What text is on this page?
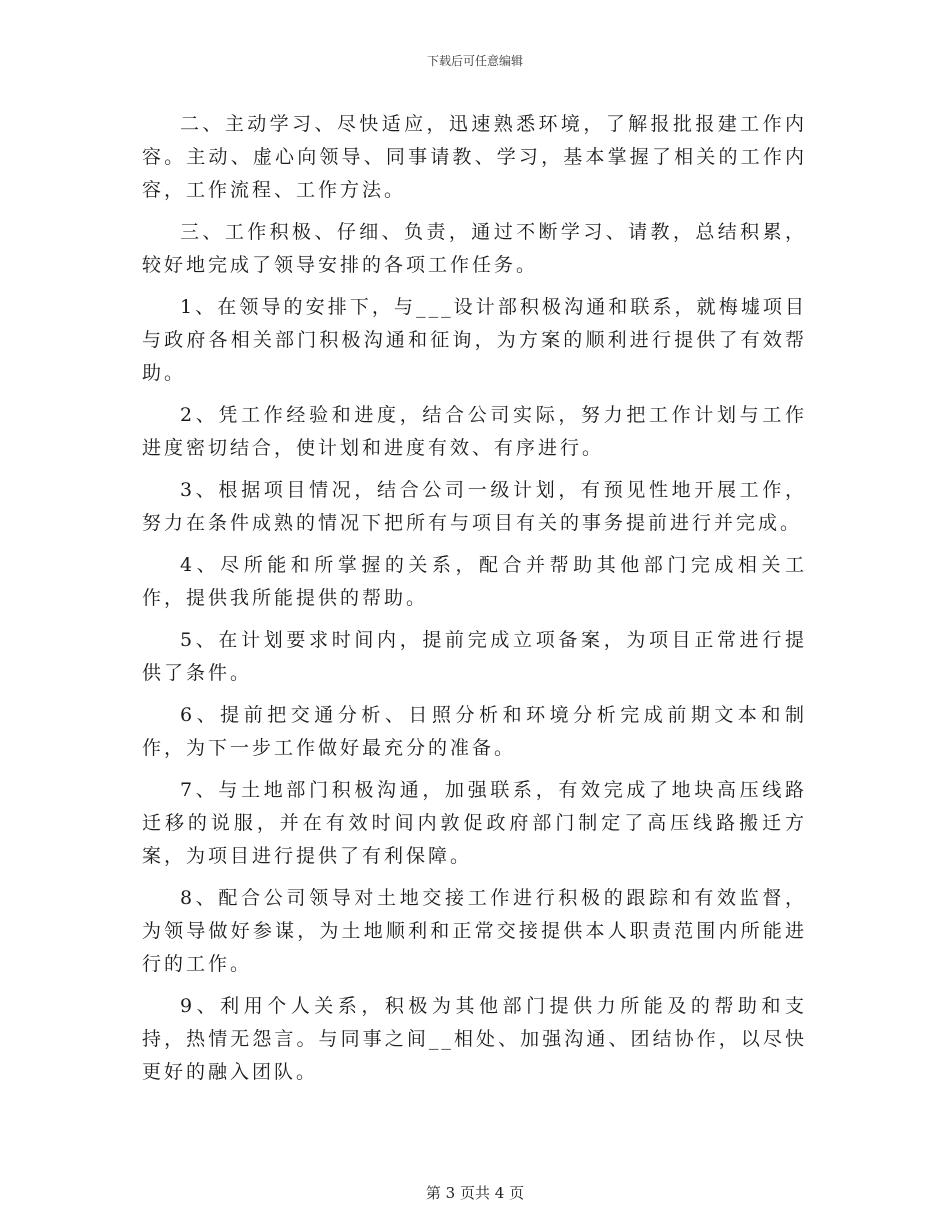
下载后可任意编辑

二、主动学习、尽快适应，迅速熟悉环境，了解报批报建工作内容。主动、虚心向领导、同事请教、学习，基本掌握了相关的工作内容，工作流程、工作方法。

三、工作积极、仔细、负责，通过不断学习、请教，总结积累，较好地完成了领导安排的各项工作任务。

1、在领导的安排下，与___设计部积极沟通和联系，就梅墟项目与政府各相关部门积极沟通和征询，为方案的顺利进行提供了有效帮助。

2、凭工作经验和进度，结合公司实际，努力把工作计划与工作进度密切结合，使计划和进度有效、有序进行。

3、根据项目情况，结合公司一级计划，有预见性地开展工作，努力在条件成熟的情况下把所有与项目有关的事务提前进行并完成。

4、尽所能和所掌握的关系，配合并帮助其他部门完成相关工作，提供我所能提供的帮助。

5、在计划要求时间内，提前完成立项备案，为项目正常进行提供了条件。

6、提前把交通分析、日照分析和环境分析完成前期文本和制作，为下一步工作做好最充分的准备。

7、与土地部门积极沟通，加强联系，有效完成了地块高压线路迁移的说服，并在有效时间内敦促政府部门制定了高压线路搬迁方案，为项目进行提供了有利保障。

8、配合公司领导对土地交接工作进行积极的跟踪和有效监督，为领导做好参谋，为土地顺利和正常交接提供本人职责范围内所能进行的工作。

9、利用个人关系，积极为其他部门提供力所能及的帮助和支持，热情无怨言。与同事之间__相处、加强沟通、团结协作，以尽快更好的融入团队。

第 3 页共 4 页
